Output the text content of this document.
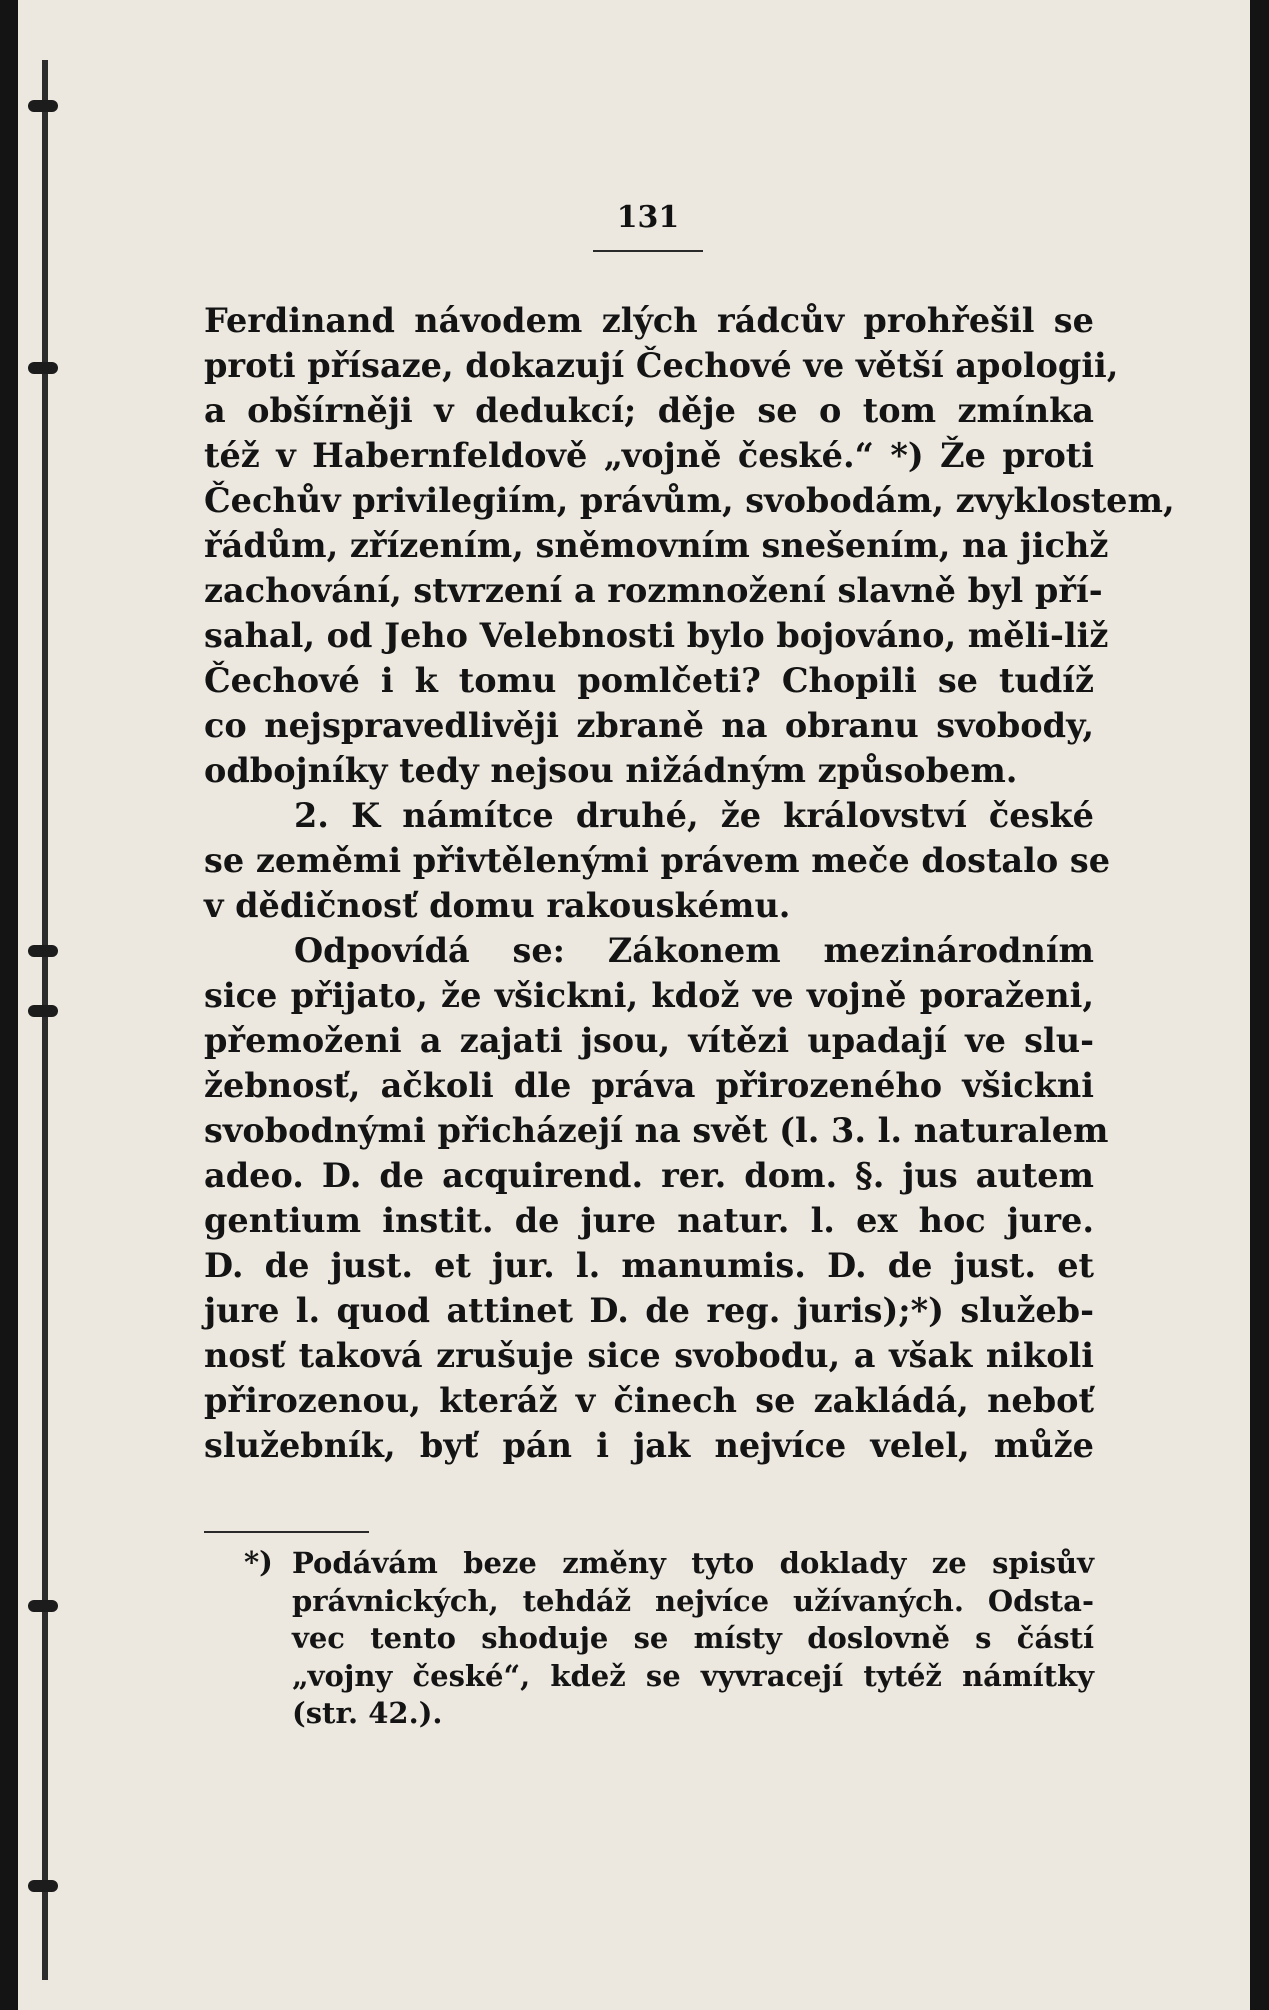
131
Ferdinand návodem zlých rádcův prohřešil se
proti přísaze, dokazují Čechové ve větší apologii,
a obšírněji v dedukcí; děje se o tom zmínka
též v Habernfeldově „vojně české.“ *) Že proti
Čechův privilegiím, právům, svobodám, zvyklostem,
řádům, zřízením, sněmovním snešením, na jichž
zachování, stvrzení a rozmnožení slavně byl pří-
sahal, od Jeho Velebnosti bylo bojováno, měli-liž
Čechové i k tomu pomlčeti? Chopili se tudíž
co nejspravedlivěji zbraně na obranu svobody,
odbojníky tedy nejsou nižádným způsobem.
2. K námítce druhé, že království české
se zeměmi přivtělenými právem meče dostalo se
v dědičnosť domu rakouskému.
Odpovídá se: Zákonem mezinárodním
sice přijato, že všickni, kdož ve vojně poraženi,
přemoženi a zajati jsou, vítězi upadají ve slu-
žebnosť, ačkoli dle práva přirozeného všickni
svobodnými přicházejí na svět (l. 3. l. naturalem
adeo. D. de acquirend. rer. dom. §. jus autem
gentium instit. de jure natur. l. ex hoc jure.
D. de just. et jur. l. manumis. D. de just. et
jure l. quod attinet D. de reg. juris);*) služeb-
nosť taková zrušuje sice svobodu, a však nikoli
přirozenou, kteráž v činech se zakládá, neboť
služebník, byť pán i jak nejvíce velel, může
*) Podávám beze změny tyto doklady ze spisův
právnických, tehdáž nejvíce užívaných. Odsta-
vec tento shoduje se místy doslovně s částí
„vojny české“, kdež se vyvracejí tytéž námítky
(str. 42.).
